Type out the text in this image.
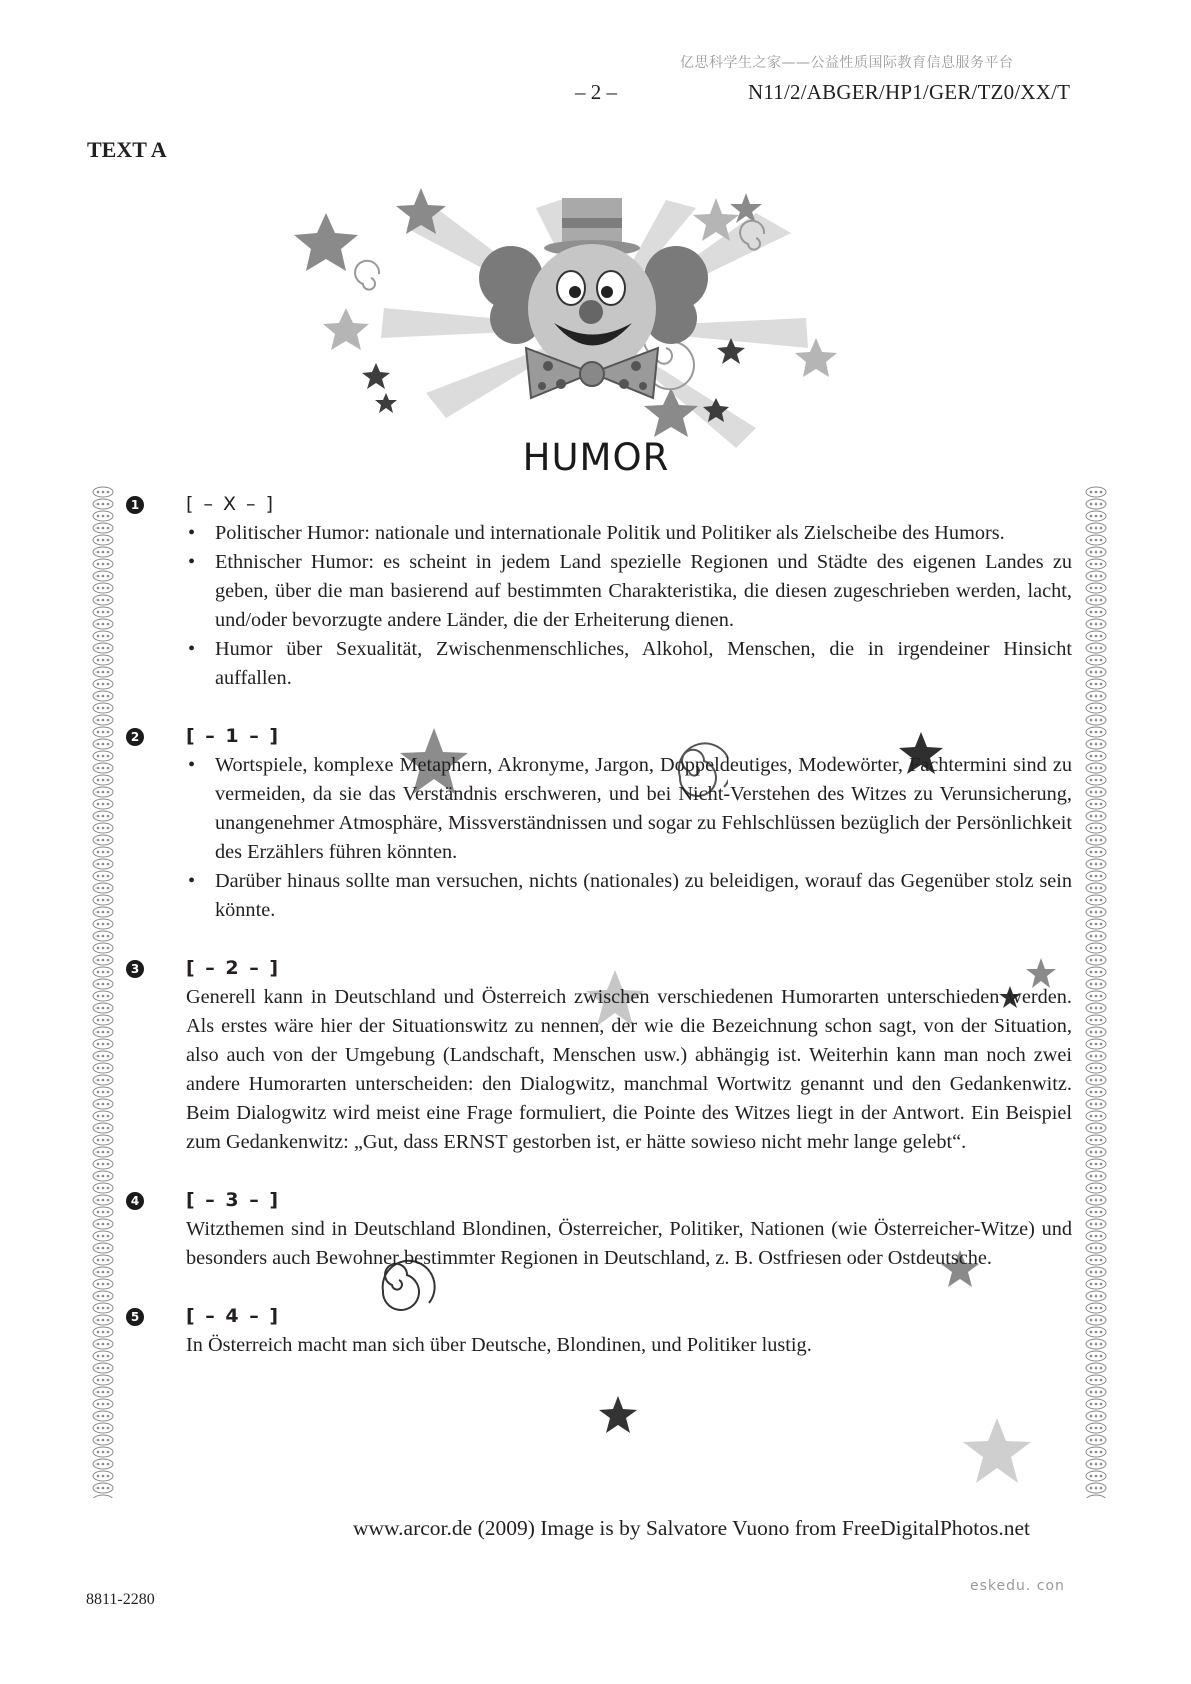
亿思科学生之家——公益性质国际教育信息服务平台
– 2 –	N11/2/ABGER/HP1/GER/TZ0/XX/T
TEXT A
HUMOR
1 [ – X – ]
• Politischer Humor: nationale und internationale Politik und Politiker als Zielscheibe des Humors.
• Ethnischer Humor: es scheint in jedem Land spezielle Regionen und Städte des eigenen Landes zu geben, über die man basierend auf bestimmten Charakteristika, die diesen zugeschrieben werden, lacht, und/oder bevorzugte andere Länder, die der Erheiterung dienen.
• Humor über Sexualität, Zwischenmenschliches, Alkohol, Menschen, die in irgendeiner Hinsicht auffallen.
2 [ – 1 – ]
• Wortspiele, komplexe Metaphern, Akronyme, Jargon, Doppeldeutiges, Modewörter, Fachtermini sind zu vermeiden, da sie das Verständnis erschweren, und bei Nicht-Verstehen des Witzes zu Verunsicherung, unangenehmer Atmosphäre, Missverständnissen und sogar zu Fehlschlüssen bezüglich der Persönlichkeit des Erzählers führen könnten.
• Darüber hinaus sollte man versuchen, nichts (nationales) zu beleidigen, worauf das Gegenüber stolz sein könnte.
3 [ – 2 – ]
Generell kann in Deutschland und Österreich zwischen verschiedenen Humorarten unterschieden werden. Als erstes wäre hier der Situationswitz zu nennen, der wie die Bezeichnung schon sagt, von der Situation, also auch von der Umgebung (Landschaft, Menschen usw.) abhängig ist. Weiterhin kann man noch zwei andere Humorarten unterscheiden: den Dialogwitz, manchmal Wortwitz genannt und den Gedankenwitz. Beim Dialogwitz wird meist eine Frage formuliert, die Pointe des Witzes liegt in der Antwort. Ein Beispiel zum Gedankenwitz: „Gut, dass ERNST gestorben ist, er hätte sowieso nicht mehr lange gelebt“.
4 [ – 3 – ]
Witzthemen sind in Deutschland Blondinen, Österreicher, Politiker, Nationen (wie Österreicher-Witze) und besonders auch Bewohner bestimmter Regionen in Deutschland, z. B. Ostfriesen oder Ostdeutsche.
5 [ – 4 – ]
In Österreich macht man sich über Deutsche, Blondinen, und Politiker lustig.
www.arcor.de (2009) Image is by Salvatore Vuono from FreeDigitalPhotos.net
8811-2280
eskedu. con
